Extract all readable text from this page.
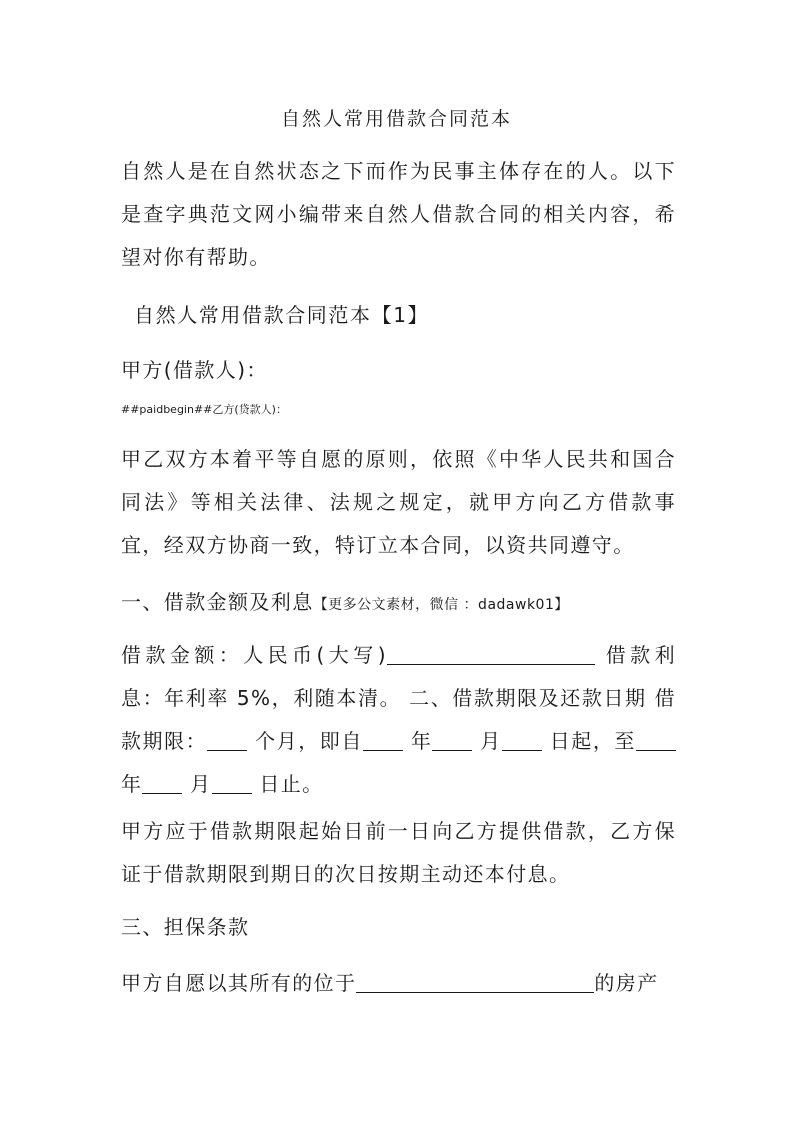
自然人常用借款合同范本

自然人是在自然状态之下而作为民事主体存在的人。以下是查字典范文网小编带来自然人借款合同的相关内容，希望对你有帮助。

自然人常用借款合同范本【1】

甲方(借款人)：

##paidbegin##乙方(贷款人)：

甲乙双方本着平等自愿的原则，依照《中华人民共和国合同法》等相关法律、法规之规定，就甲方向乙方借款事宜，经双方协商一致，特订立本合同，以资共同遵守。

一、借款金额及利息【更多公文素材，微信 ：dadawk01】

借款金额：人民币(大写)	借款利息：年利率 5%，利随本清。 二、借款期限及还款日期 借款期限： 个月，即自 年 月 日起，至 年 月 日止。

甲方应于借款期限起始日前一日向乙方提供借款，乙方保证于借款期限到期日的次日按期主动还本付息。

三、担保条款

甲方自愿以其所有的位于	的房产
